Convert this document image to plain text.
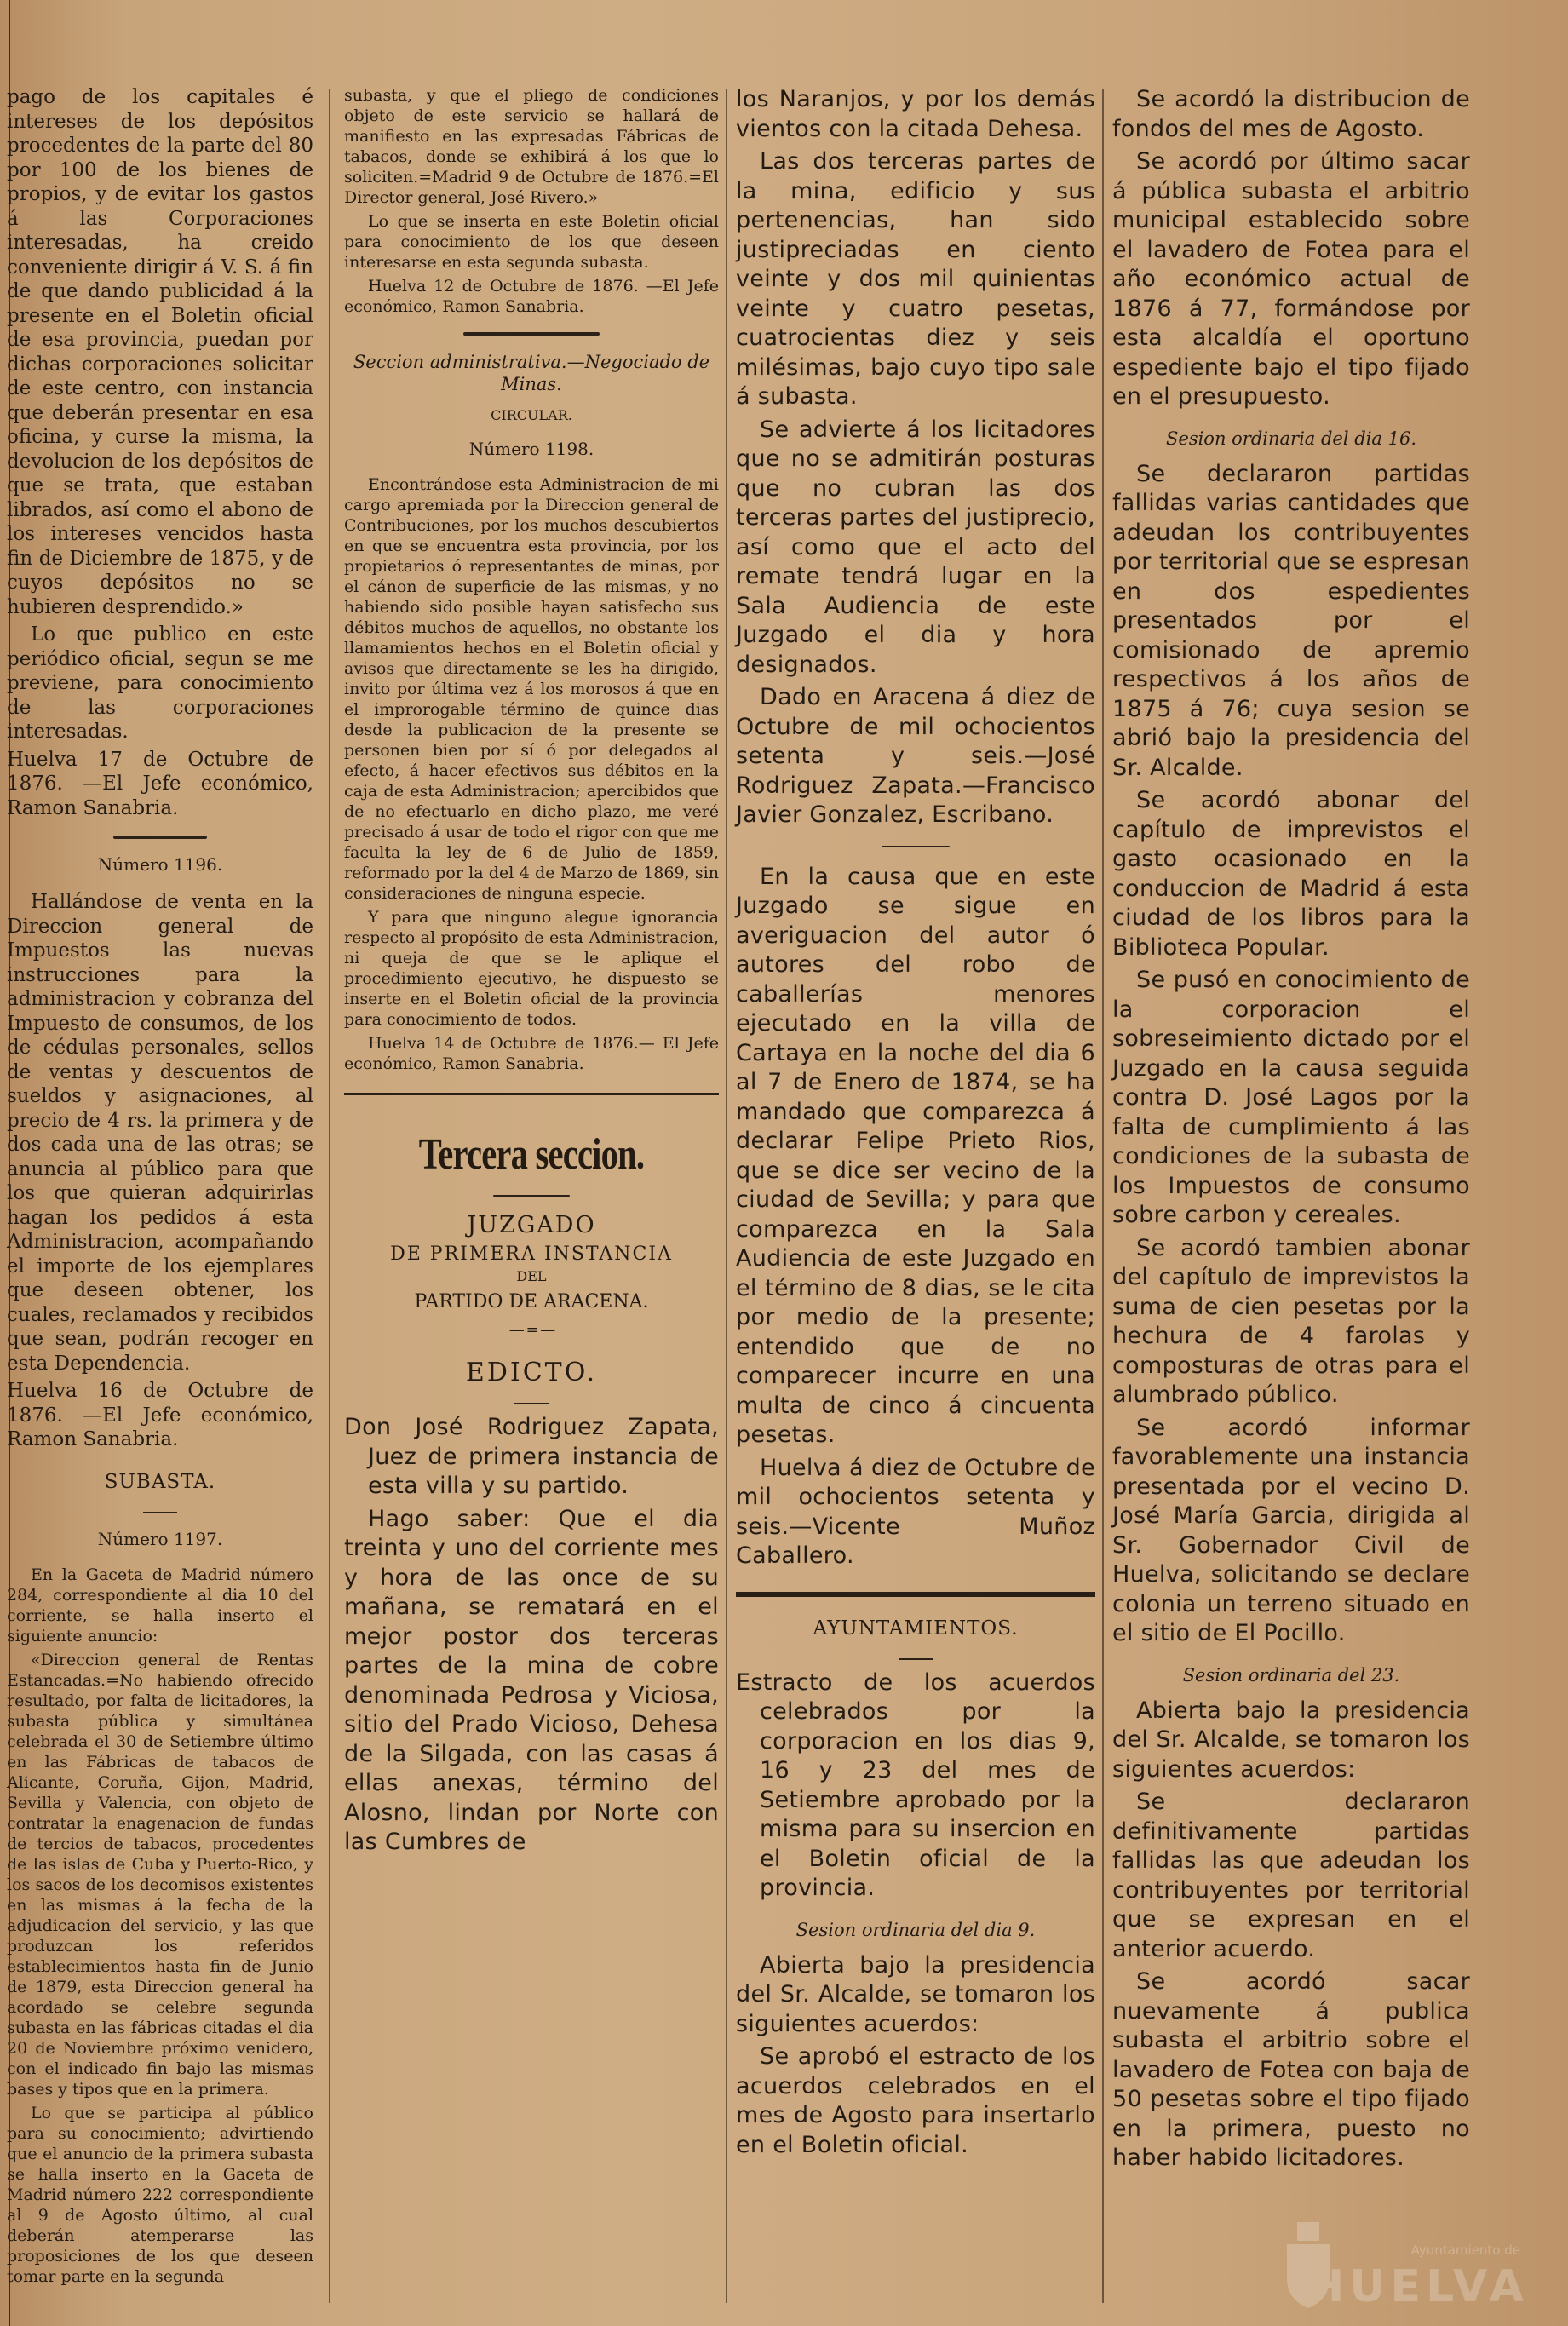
pago de los capitales é intereses de los depósitos procedentes de la parte del 80 por 100 de los bienes de propios, y de evitar los gastos á las Corporaciones interesadas, ha creido conveniente dirigir á V. S. á fin de que dando publicidad á la presente en el Boletin oficial de esa provincia, puedan por dichas corporaciones solicitar de este centro, con instancia que deberán presentar en esa oficina, y curse la misma, la devolucion de los depósitos de que se trata, que estaban librados, así como el abono de los intereses vencidos hasta fin de Diciembre de 1875, y de cuyos depósitos no se hubieren desprendido.»

Lo que publico en este periódico oficial, segun se me previene, para conocimiento de las corporaciones interesadas.

Huelva 17 de Octubre de 1876. —El Jefe económico, Ramon Sanabria.

Número 1196.

Hallándose de venta en la Direccion general de Impuestos las nuevas instrucciones para la administracion y cobranza del Impuesto de consumos, de los de cédulas personales, sellos de ventas y descuentos de sueldos y asignaciones, al precio de 4 rs. la primera y de dos cada una de las otras; se anuncia al público para que los que quieran adquirirlas hagan los pedidos á esta Administracion, acompañando el importe de los ejemplares que deseen obtener, los cuales, reclamados y recibidos que sean, podrán recoger en esta Dependencia.

Huelva 16 de Octubre de 1876. —El Jefe económico, Ramon Sanabria.

SUBASTA.
Número 1197.

En la Gaceta de Madrid número 284, correspondiente al dia 10 del corriente, se halla inserto el siguiente anuncio:

«Direccion general de Rentas Estancadas.=No habiendo ofrecido resultado, por falta de licitadores, la subasta pública y simultánea celebrada el 30 de Setiembre último en las Fábricas de tabacos de Alicante, Coruña, Gijon, Madrid, Sevilla y Valencia, con objeto de contratar la enagenacion de fundas de tercios de tabacos, procedentes de las islas de Cuba y Puerto-Rico, y los sacos de los decomisos existentes en las mismas á la fecha de la adjudicacion del servicio, y las que produzcan los referidos establecimientos hasta fin de Junio de 1879, esta Direccion general ha acordado se celebre segunda subasta en las fábricas citadas el dia 20 de Noviembre próximo venidero, con el indicado fin bajo las mismas bases y tipos que en la primera.

Lo que se participa al público para su conocimiento; advirtiendo que el anuncio de la primera subasta se halla inserto en la Gaceta de Madrid número 222 correspondiente al 9 de Agosto último, al cual deberán atemperarse las proposiciones de los que deseen tomar parte en la segunda

subasta, y que el pliego de condiciones objeto de este servicio se hallará de manifiesto en las expresadas Fábricas de tabacos, donde se exhibirá á los que lo soliciten.=Madrid 9 de Octubre de 1876.=El Director general, José Rivero.»

Lo que se inserta en este Boletin oficial para conocimiento de los que deseen interesarse en esta segunda subasta.

Huelva 12 de Octubre de 1876. —El Jefe económico, Ramon Sanabria.

Seccion administrativa.—Negociado de Minas.
CIRCULAR.
Número 1198.

Encontrándose esta Administracion de mi cargo apremiada por la Direccion general de Contribuciones, por los muchos descubiertos en que se encuentra esta provincia, por los propietarios ó representantes de minas, por el cánon de superficie de las mismas, y no habiendo sido posible hayan satisfecho sus débitos muchos de aquellos, no obstante los llamamientos hechos en el Boletin oficial y avisos que directamente se les ha dirigido, invito por última vez á los morosos á que en el improrogable término de quince dias desde la publicacion de la presente se personen bien por sí ó por delegados al efecto, á hacer efectivos sus débitos en la caja de esta Administracion; apercibidos que de no efectuarlo en dicho plazo, me veré precisado á usar de todo el rigor con que me faculta la ley de 6 de Julio de 1859, reformado por la del 4 de Marzo de 1869, sin consideraciones de ninguna especie.

Y para que ninguno alegue ignorancia respecto al propósito de esta Administracion, ni queja de que se le aplique el procedimiento ejecutivo, he dispuesto se inserte en el Boletin oficial de la provincia para conocimiento de todos.

Huelva 14 de Octubre de 1876.— El Jefe económico, Ramon Sanabria.

Tercera seccion.
JUZGADO
DE PRIMERA INSTANCIA
DEL
PARTIDO DE ARACENA.
— = —
EDICTO.

Don José Rodriguez Zapata, Juez de primera instancia de esta villa y su partido.

Hago saber: Que el dia treinta y uno del corriente mes y hora de las once de su mañana, se rematará en el mejor postor dos terceras partes de la mina de cobre denominada Pedrosa y Viciosa, sitio del Prado Vicioso, Dehesa de la Silgada, con las casas á ellas anexas, término del Alosno, lindan por Norte con las Cumbres de

los Naranjos, y por los demás vientos con la citada Dehesa.

Las dos terceras partes de la mina, edificio y sus pertenencias, han sido justipreciadas en ciento veinte y dos mil quinientas veinte y cuatro pesetas, cuatrocientas diez y seis milésimas, bajo cuyo tipo sale á subasta.

Se advierte á los licitadores que no se admitirán posturas que no cubran las dos terceras partes del justiprecio, así como que el acto del remate tendrá lugar en la Sala Audiencia de este Juzgado el dia y hora designados.

Dado en Aracena á diez de Octubre de mil ochocientos setenta y seis.—José Rodriguez Zapata.—Francisco Javier Gonzalez, Escribano.

En la causa que en este Juzgado se sigue en averiguacion del autor ó autores del robo de caballerías menores ejecutado en la villa de Cartaya en la noche del dia 6 al 7 de Enero de 1874, se ha mandado que comparezca á declarar Felipe Prieto Rios, que se dice ser vecino de la ciudad de Sevilla; y para que comparezca en la Sala Audiencia de este Juzgado en el término de 8 dias, se le cita por medio de la presente; entendido que de no comparecer incurre en una multa de cinco á cincuenta pesetas.

Huelva á diez de Octubre de mil ochocientos setenta y seis.—Vicente Muñoz Caballero.

AYUNTAMIENTOS.

Estracto de los acuerdos celebrados por la corporacion en los dias 9, 16 y 23 del mes de Setiembre aprobado por la misma para su insercion en el Boletin oficial de la provincia.

Sesion ordinaria del dia 9.

Abierta bajo la presidencia del Sr. Alcalde, se tomaron los siguientes acuerdos:

Se aprobó el estracto de los acuerdos celebrados en el mes de Agosto para insertarlo en el Boletin oficial.

Se acordó la distribucion de fondos del mes de Agosto.

Se acordó por último sacar á pública subasta el arbitrio municipal establecido sobre el lavadero de Fotea para el año económico actual de 1876 á 77, formándose por esta alcaldía el oportuno espediente bajo el tipo fijado en el presupuesto.

Sesion ordinaria del dia 16.

Se declararon partidas fallidas varias cantidades que adeudan los contribuyentes por territorial que se espresan en dos espedientes presentados por el comisionado de apremio respectivos á los años de 1875 á 76; cuya sesion se abrió bajo la presidencia del Sr. Alcalde.

Se acordó abonar del capítulo de imprevistos el gasto ocasionado en la conduccion de Madrid á esta ciudad de los libros para la Biblioteca Popular.

Se pusó en conocimiento de la corporacion el sobreseimiento dictado por el Juzgado en la causa seguida contra D. José Lagos por la falta de cumplimiento á las condiciones de la subasta de los Impuestos de consumo sobre carbon y cereales.

Se acordó tambien abonar del capítulo de imprevistos la suma de cien pesetas por la hechura de 4 farolas y composturas de otras para el alumbrado público.

Se acordó informar favorablemente una instancia presentada por el vecino D. José María Garcia, dirigida al Sr. Gobernador Civil de Huelva, solicitando se declare colonia un terreno situado en el sitio de El Pocillo.

Sesion ordinaria del 23.

Abierta bajo la presidencia del Sr. Alcalde, se tomaron los siguientes acuerdos:

Se declararon definitivamente partidas fallidas las que adeudan los contribuyentes por territorial que se expresan en el anterior acuerdo.

Se acordó sacar nuevamente á publica subasta el arbitrio sobre el lavadero de Fotea con baja de 50 pesetas sobre el tipo fijado en la primera, puesto no haber habido licitadores.

Ayuntamiento de
HUELVA
